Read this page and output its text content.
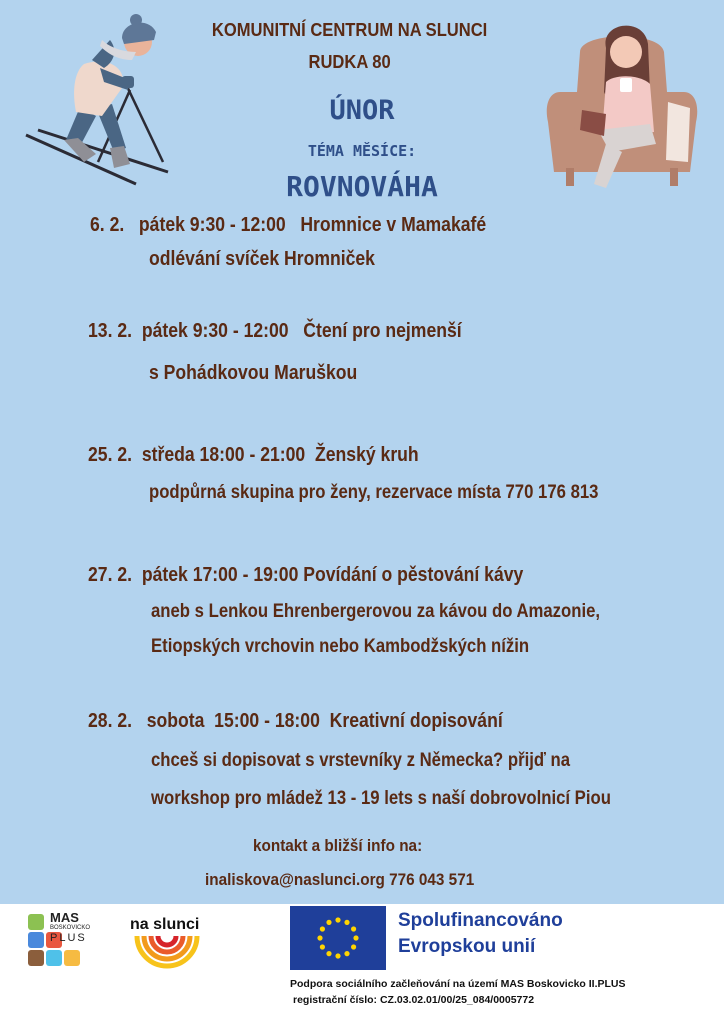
KOMUNITNÍ CENTRUM NA SLUNCI
RUDKA 80
ÚNOR
TÉMA MĚSÍCE:
ROVNOVÁHA
6. 2. pátek 9:30 - 12:00   Hromnice v Mamakafé
odlévání svíček Hromniček
13. 2. pátek 9:30 - 12:00   Čtení pro nejmenší
s Pohádkovou Maruškou
25. 2. středa 18:00 - 21:00  Ženský kruh
podpůrná skupina pro ženy, rezervace místa 770 176 813
27. 2. pátek 17:00 - 19:00 Povídání o pěstování kávy
aneb s Lenkou Ehrenbergerovou za kávou do Amazonie,
Etiopských vrchovin nebo Kambodžských nížin
28. 2. sobota  15:00 - 18:00  Kreativní dopisování
chceš si dopisovat s vrstevníky z Německa? přijď na
workshop pro mládež 13 - 19 lets s naší dobrovolnicí Piou
kontakt a bližší info na:
inaliskova@naslunci.org 776 043 571
MAS
BOSKOVICKO
PLUS
na slunci	Spolufinancováno
Evropskou unií
Podpora sociálního začleňování na území MAS Boskovicko II.PLUS
registrační číslo: CZ.03.02.01/00/25_084/0005772
